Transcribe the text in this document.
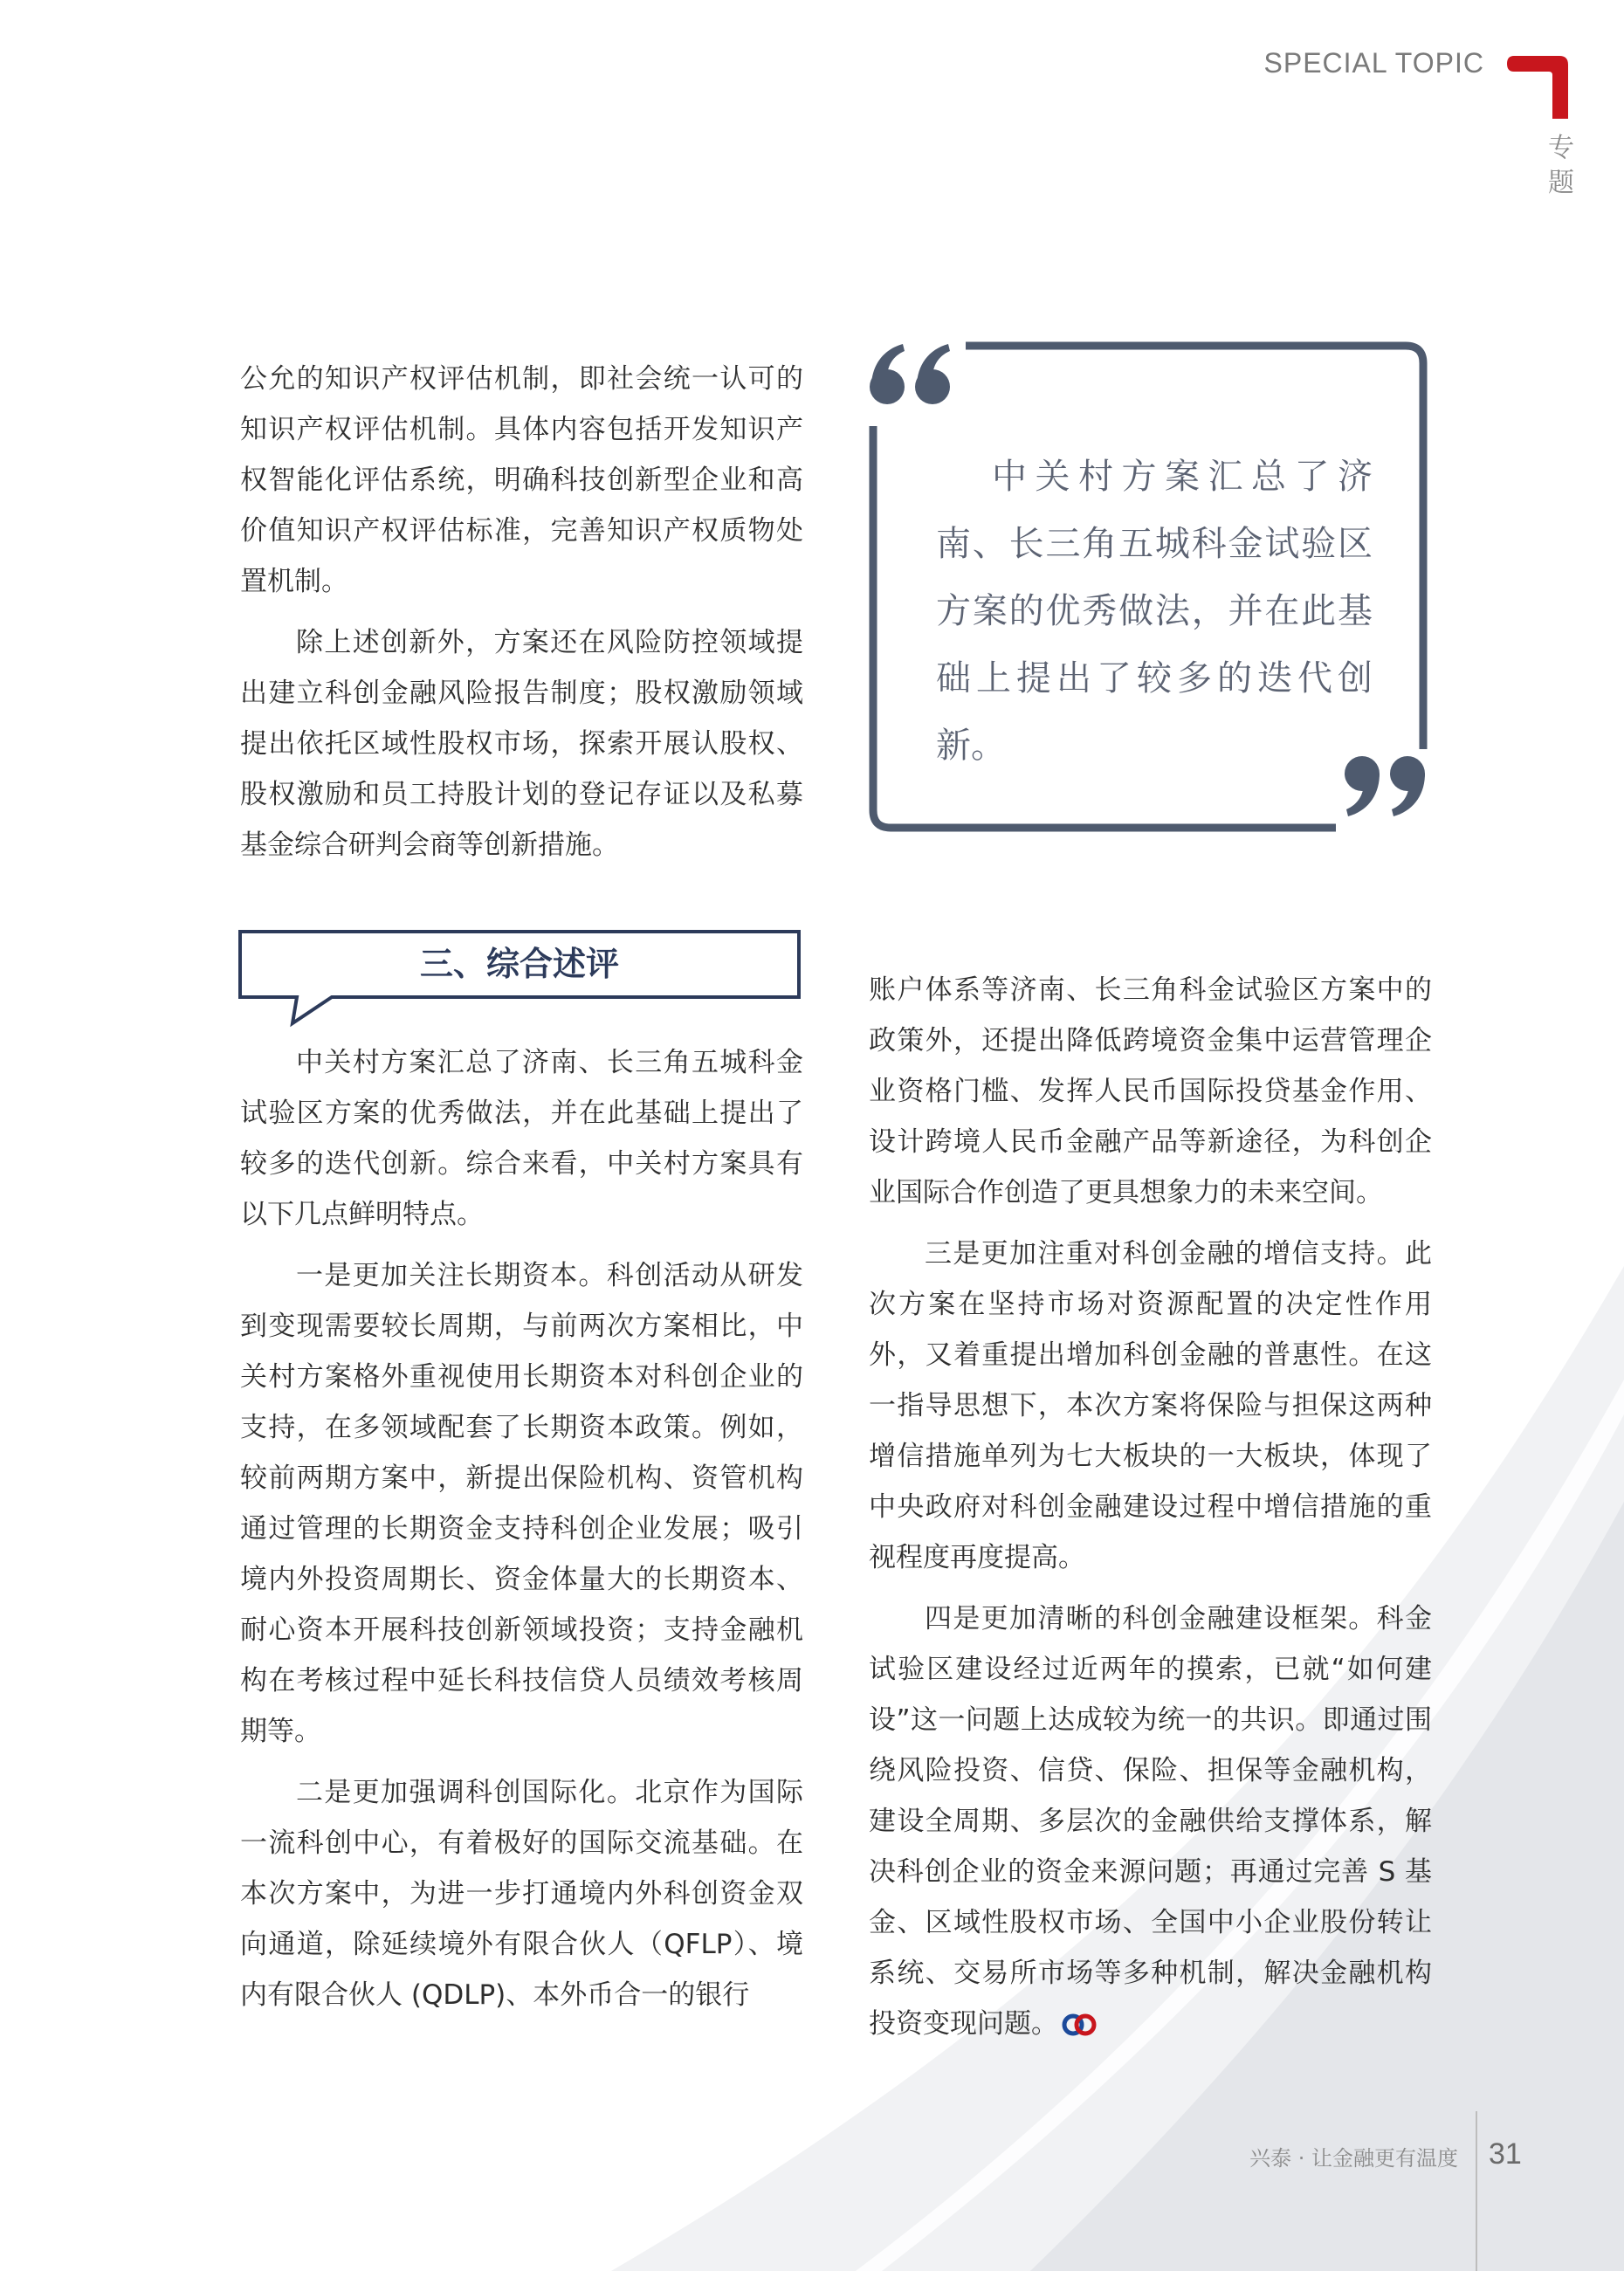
SPECIAL TOPIC
专题

公允的知识产权评估机制，即社会统一认可的知识产权评估机制。具体内容包括开发知识产权智能化评估系统，明确科技创新型企业和高价值知识产权评估标准，完善知识产权质物处置机制。

除上述创新外，方案还在风险防控领域提出建立科创金融风险报告制度；股权激励领域提出依托区域性股权市场，探索开展认股权、股权激励和员工持股计划的登记存证以及私募基金综合研判会商等创新措施。

中关村方案汇总了济南、长三角五城科金试验区方案的优秀做法，并在此基础上提出了较多的迭代创新。

三、综合述评

中关村方案汇总了济南、长三角五城科金试验区方案的优秀做法，并在此基础上提出了较多的迭代创新。综合来看，中关村方案具有以下几点鲜明特点。

一是更加关注长期资本。科创活动从研发到变现需要较长周期，与前两次方案相比，中关村方案格外重视使用长期资本对科创企业的支持，在多领域配套了长期资本政策。例如，较前两期方案中，新提出保险机构、资管机构通过管理的长期资金支持科创企业发展；吸引境内外投资周期长、资金体量大的长期资本、耐心资本开展科技创新领域投资；支持金融机构在考核过程中延长科技信贷人员绩效考核周期等。

二是更加强调科创国际化。北京作为国际一流科创中心，有着极好的国际交流基础。在本次方案中，为进一步打通境内外科创资金双向通道，除延续境外有限合伙人（QFLP）、境内有限合伙人 (QDLP)、本外币合一的银行

账户体系等济南、长三角科金试验区方案中的政策外，还提出降低跨境资金集中运营管理企业资格门槛、发挥人民币国际投贷基金作用、设计跨境人民币金融产品等新途径，为科创企业国际合作创造了更具想象力的未来空间。

三是更加注重对科创金融的增信支持。此次方案在坚持市场对资源配置的决定性作用外，又着重提出增加科创金融的普惠性。在这一指导思想下，本次方案将保险与担保这两种增信措施单列为七大板块的一大板块，体现了中央政府对科创金融建设过程中增信措施的重视程度再度提高。

四是更加清晰的科创金融建设框架。科金试验区建设经过近两年的摸索，已就“如何建设”这一问题上达成较为统一的共识。即通过围绕风险投资、信贷、保险、担保等金融机构，建设全周期、多层次的金融供给支撑体系，解决科创企业的资金来源问题；再通过完善 S 基金、区域性股权市场、全国中小企业股份转让系统、交易所市场等多种机制，解决金融机构投资变现问题。

兴泰 · 让金融更有温度 31
